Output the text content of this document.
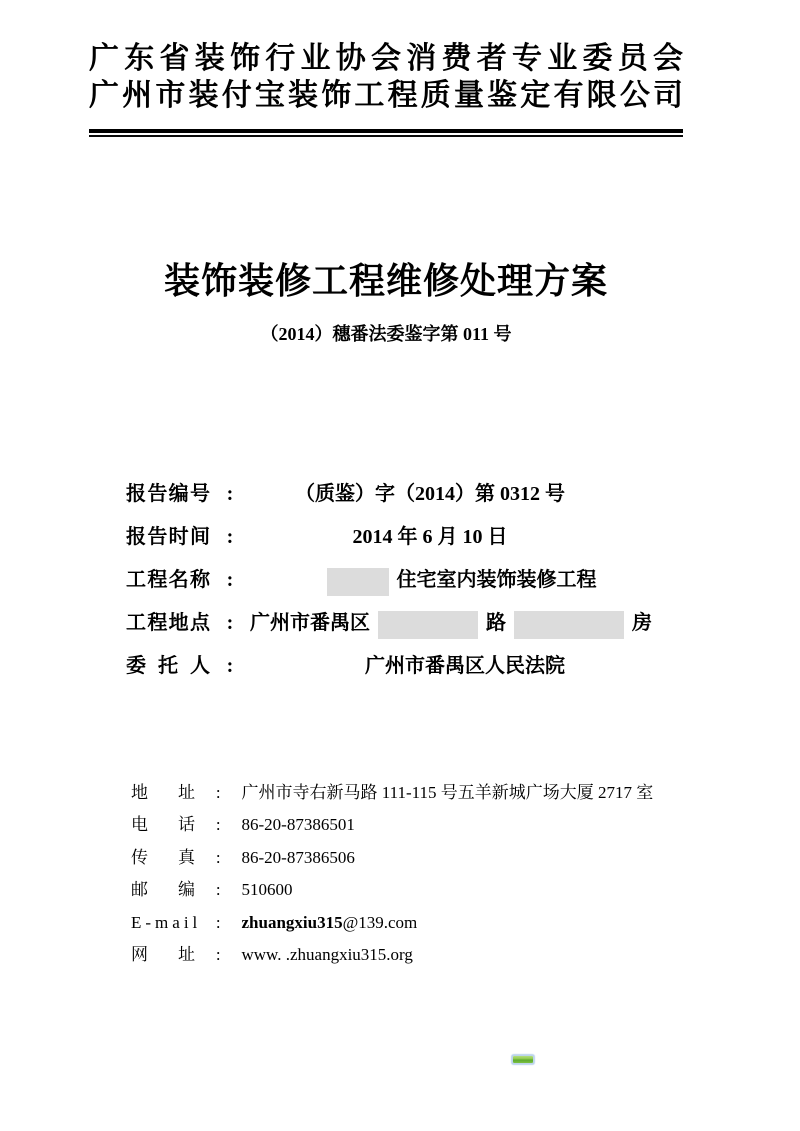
广东省装饰行业协会消费者专业委员会
广州市装付宝装饰工程质量鉴定有限公司
装饰装修工程维修处理方案
（2014）穗番法委鉴字第 011 号
报告编号 :	（质鉴）字（2014）第 0312 号
报告时间 :	2014 年 6 月 10 日
工程名称 :	住宅室内装饰装修工程
工程地点 : 广州市番禺区	路	房
委 托 人 :	广州市番禺区人民法院
地址 : 广州市寺右新马路 111-115 号五羊新城广场大厦 2717 室
电话 : 86-20-87386501
传真 : 86-20-87386506
邮编 : 510600
E-mail : zhuangxiu315@139.com
网址 : www. .zhuangxiu315.org
